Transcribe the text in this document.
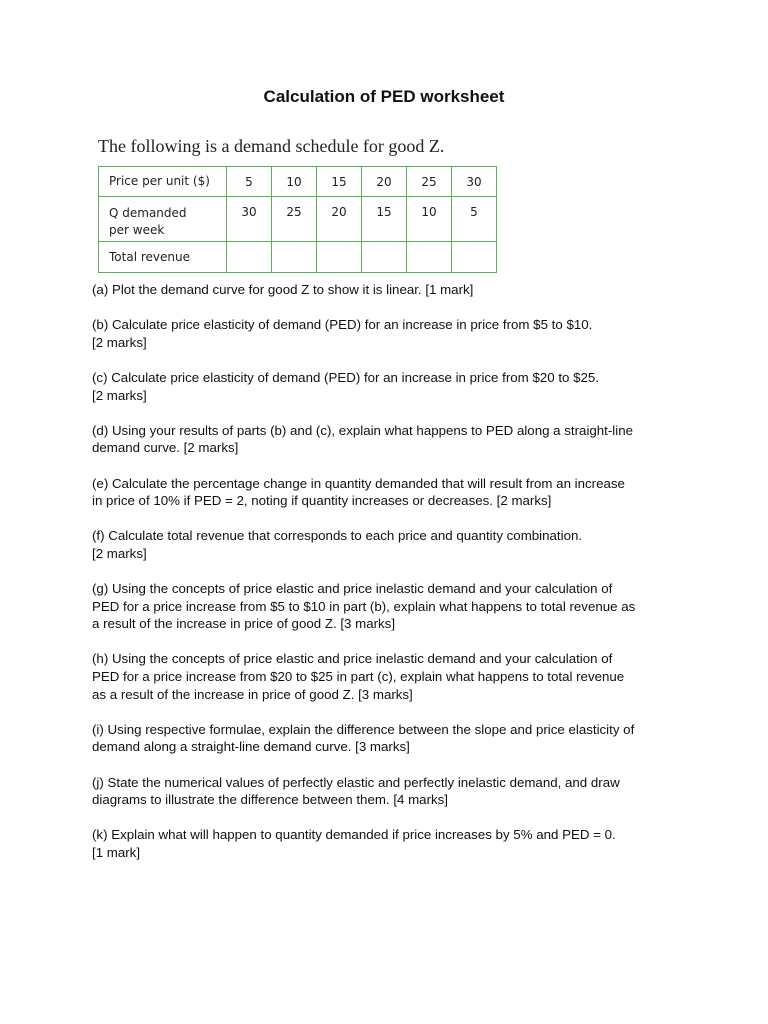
Calculation of PED worksheet
The following is a demand schedule for good Z.
Price per unit ($)	5	10	15	20	25	30
Q demanded
per week	30	25	20	15	10	5
Total revenue						

(a) Plot the demand curve for good Z to show it is linear. [1 mark]

(b) Calculate price elasticity of demand (PED) for an increase in price from $5 to $10.
[2 marks]

(c) Calculate price elasticity of demand (PED) for an increase in price from $20 to $25.
[2 marks]

(d) Using your results of parts (b) and (c), explain what happens to PED along a straight-line
demand curve. [2 marks]

(e) Calculate the percentage change in quantity demanded that will result from an increase
in price of 10% if PED = 2, noting if quantity increases or decreases. [2 marks]

(f) Calculate total revenue that corresponds to each price and quantity combination.
[2 marks]

(g) Using the concepts of price elastic and price inelastic demand and your calculation of
PED for a price increase from $5 to $10 in part (b), explain what happens to total revenue as
a result of the increase in price of good Z. [3 marks]

(h) Using the concepts of price elastic and price inelastic demand and your calculation of
PED for a price increase from $20 to $25 in part (c), explain what happens to total revenue
as a result of the increase in price of good Z. [3 marks]

(i) Using respective formulae, explain the difference between the slope and price elasticity of
demand along a straight-line demand curve. [3 marks]

(j) State the numerical values of perfectly elastic and perfectly inelastic demand, and draw
diagrams to illustrate the difference between them. [4 marks]

(k) Explain what will happen to quantity demanded if price increases by 5% and PED = 0.
[1 mark]
